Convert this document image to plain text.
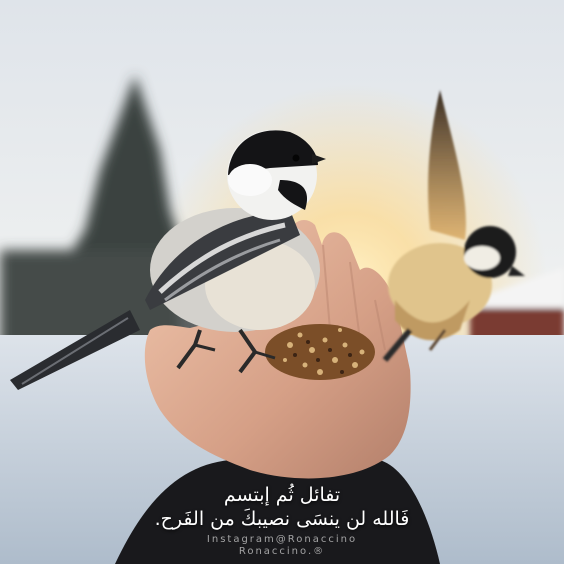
تفائل ثُم إبتسم
فَالله لن ينسَى نصيبكَ من الفَرح.
Instagram@Ronaccino
Ronaccino.®
